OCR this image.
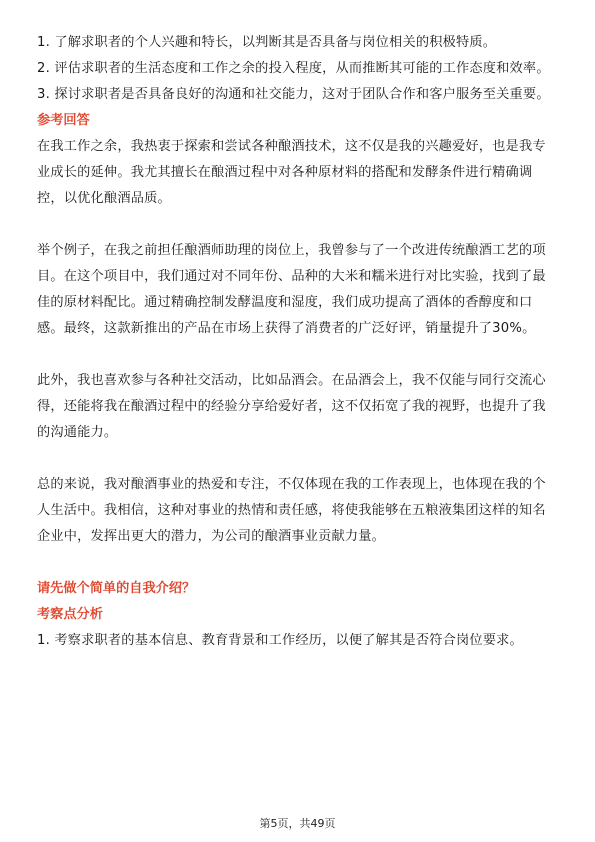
1. 了解求职者的个人兴趣和特长，以判断其是否具备与岗位相关的积极特质。

2. 评估求职者的生活态度和工作之余的投入程度，从而推断其可能的工作态度和效率。

3. 探讨求职者是否具备良好的沟通和社交能力，这对于团队合作和客户服务至关重要。

参考回答

在我工作之余，我热衷于探索和尝试各种酿酒技术，这不仅是我的兴趣爱好，也是我专业成长的延伸。我尤其擅长在酿酒过程中对各种原材料的搭配和发酵条件进行精确调控，以优化酿酒品质。

举个例子，在我之前担任酿酒师助理的岗位上，我曾参与了一个改进传统酿酒工艺的项目。在这个项目中，我们通过对不同年份、品种的大米和糯米进行对比实验，找到了最佳的原材料配比。通过精确控制发酵温度和湿度，我们成功提高了酒体的香醇度和口感。最终，这款新推出的产品在市场上获得了消费者的广泛好评，销量提升了30%。

此外，我也喜欢参与各种社交活动，比如品酒会。在品酒会上，我不仅能与同行交流心得，还能将我在酿酒过程中的经验分享给爱好者，这不仅拓宽了我的视野，也提升了我的沟通能力。

总的来说，我对酿酒事业的热爱和专注，不仅体现在我的工作表现上，也体现在我的个人生活中。我相信，这种对事业的热情和责任感，将使我能够在五粮液集团这样的知名企业中，发挥出更大的潜力，为公司的酿酒事业贡献力量。

请先做个简单的自我介绍？

考察点分析

1. 考察求职者的基本信息、教育背景和工作经历，以便了解其是否符合岗位要求。

第5页，共49页
